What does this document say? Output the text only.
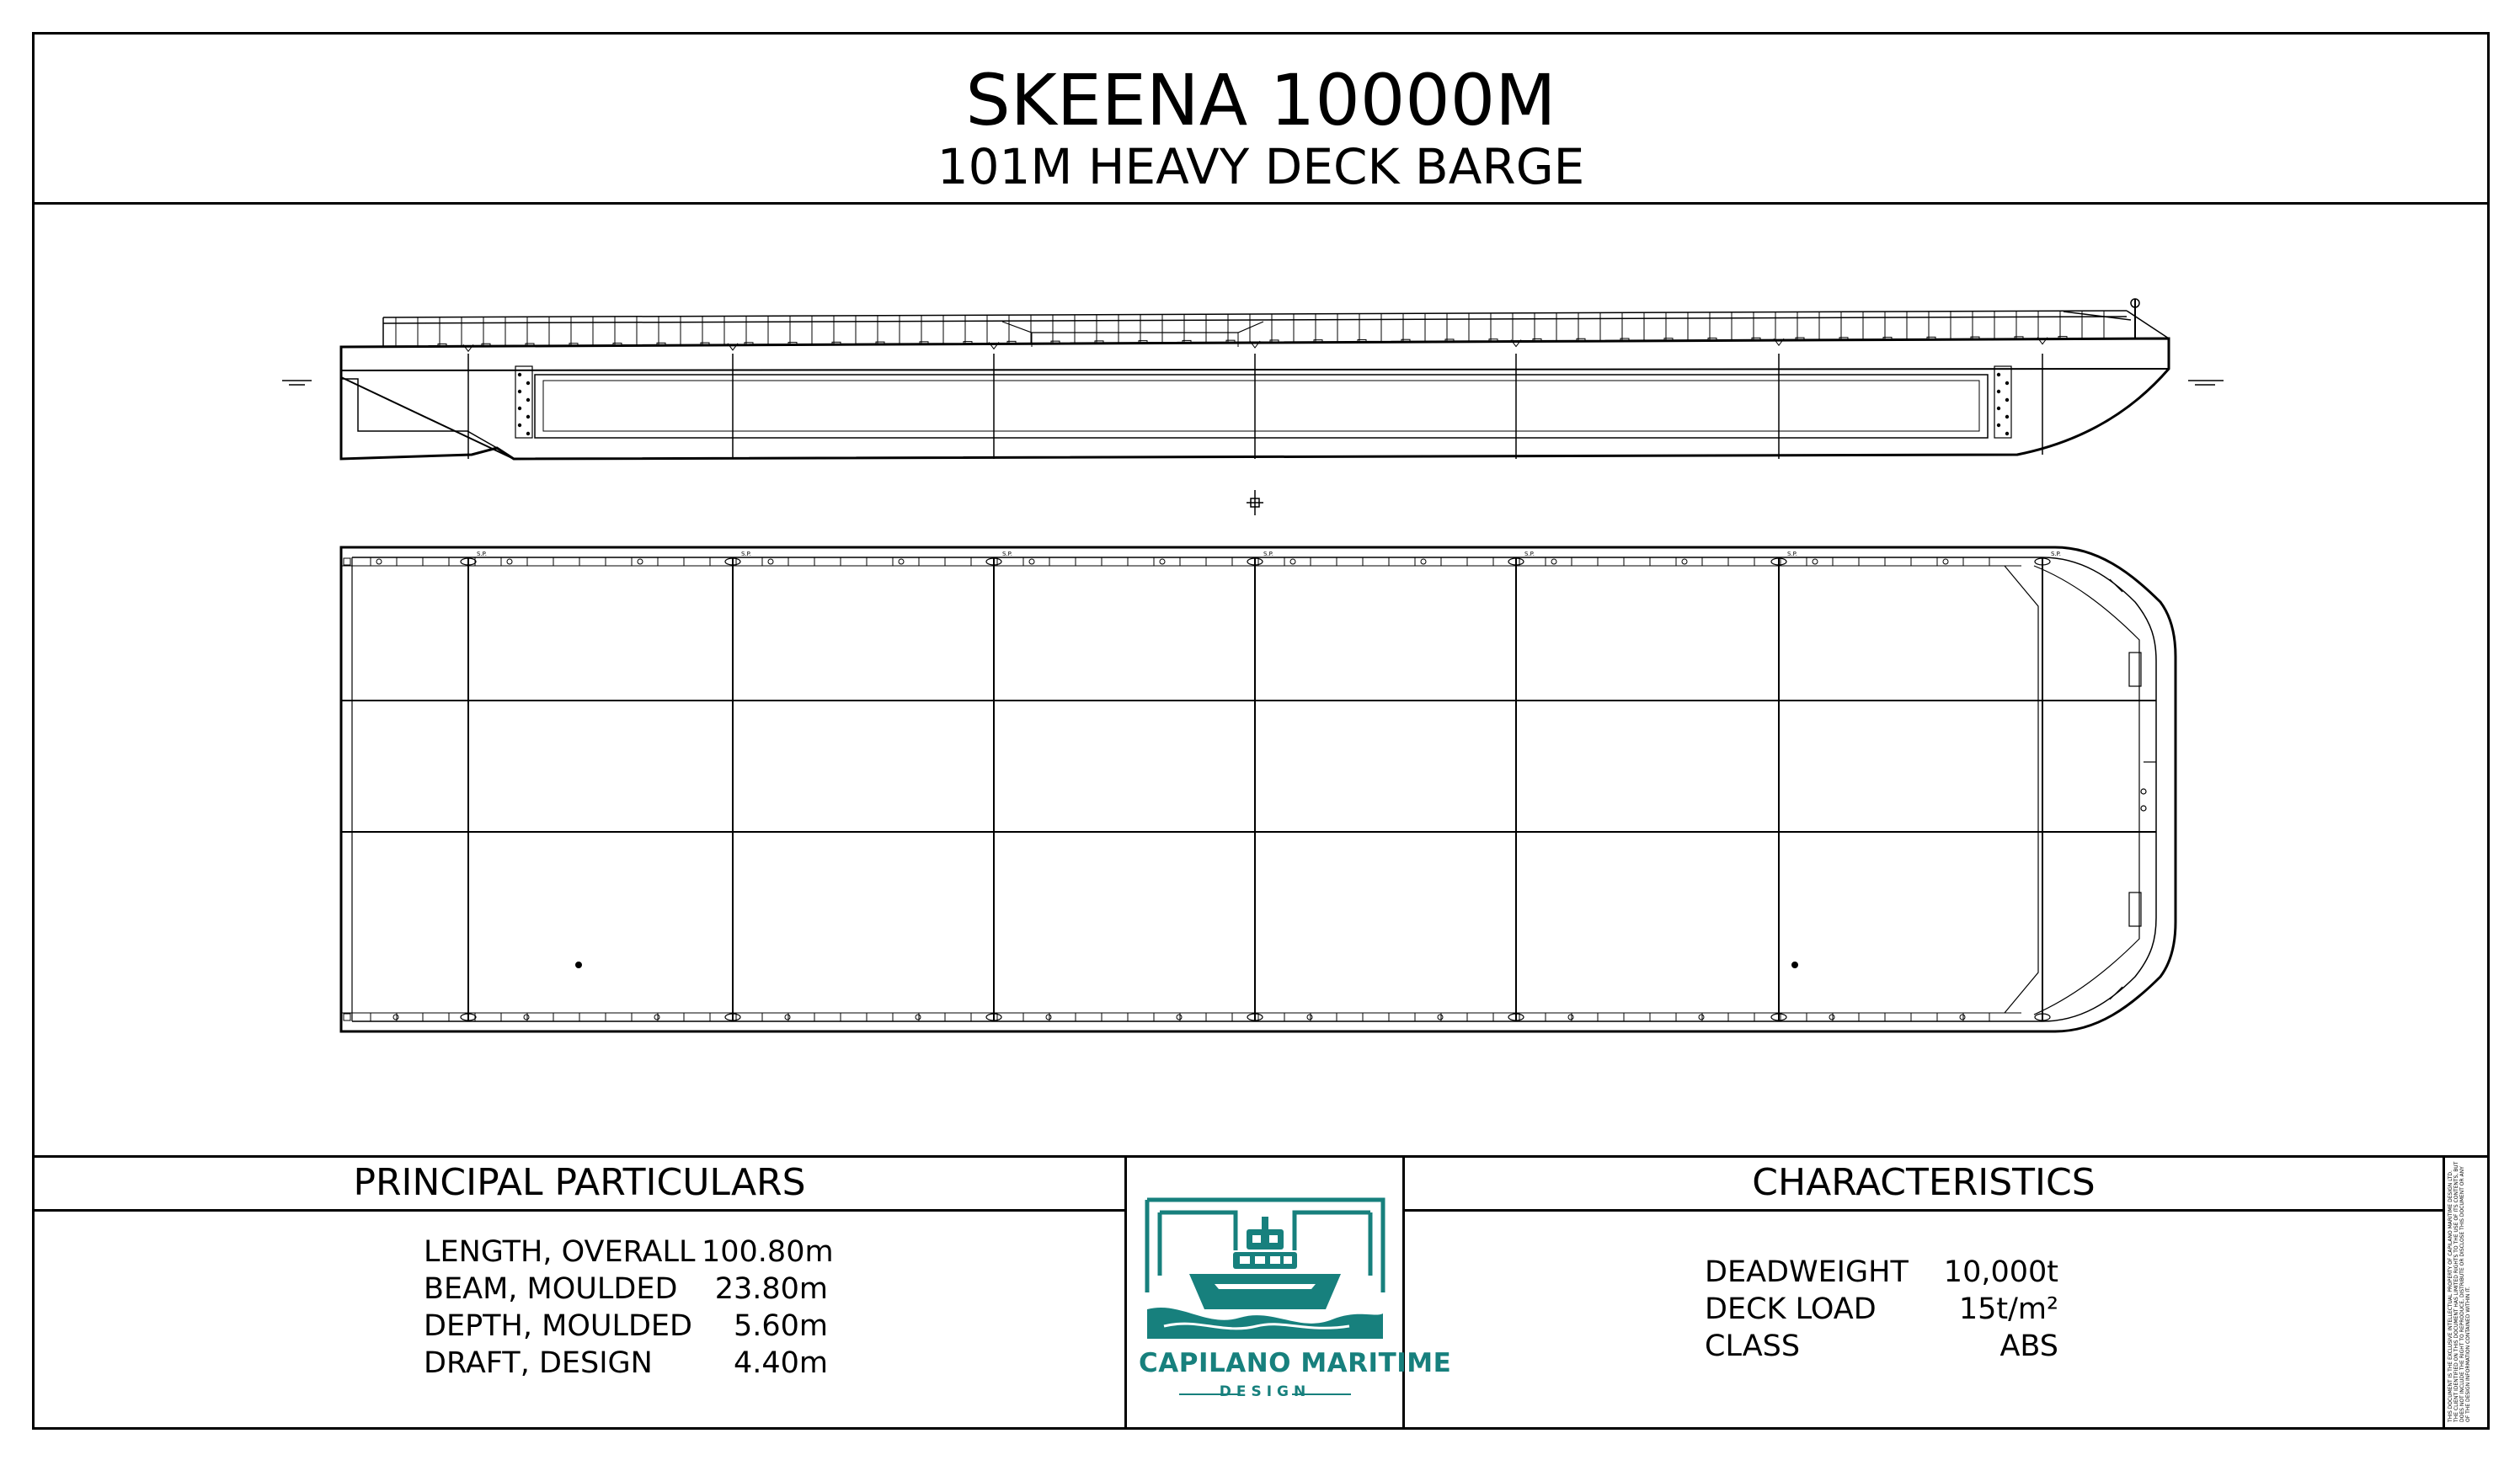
SKEENA 10000M
101M HEAVY DECK BARGE
PRINCIPAL PARTICULARS
LENGTH, OVERALL 100.80m
BEAM, MOULDED	23.80m
DEPTH, MOULDED	5.60m
DRAFT, DESIGN	4.40m
CHARACTERISTICS
DEADWEIGHT	10,000t
DECK LOAD	15t/m²
CLASS	ABS
S.P.	S.P.	S.P.	S.P.	S.P.	S.P.	S.P.
CAPILANO MARITIME
DESIGN	THIS DOCUMENT IS THE EXCLUSIVE INTELLECTUAL PROPERTY OF CAPILANO MARITIME DESIGN LTD. THE CLIENT IDENTIFIED ON THIS DOCUMENT HAS LIMITED RIGHTS TO THE USE OF ITS CONTENTS, BUT DOES NOT INCLUDE THE RIGHT TO REPRODUCE, DISTRIBUTE OR DISCLOSE THIS DOCUMENT OR ANY OF THE DESIGN INFORMATION CONTAINED WITHIN IT.
